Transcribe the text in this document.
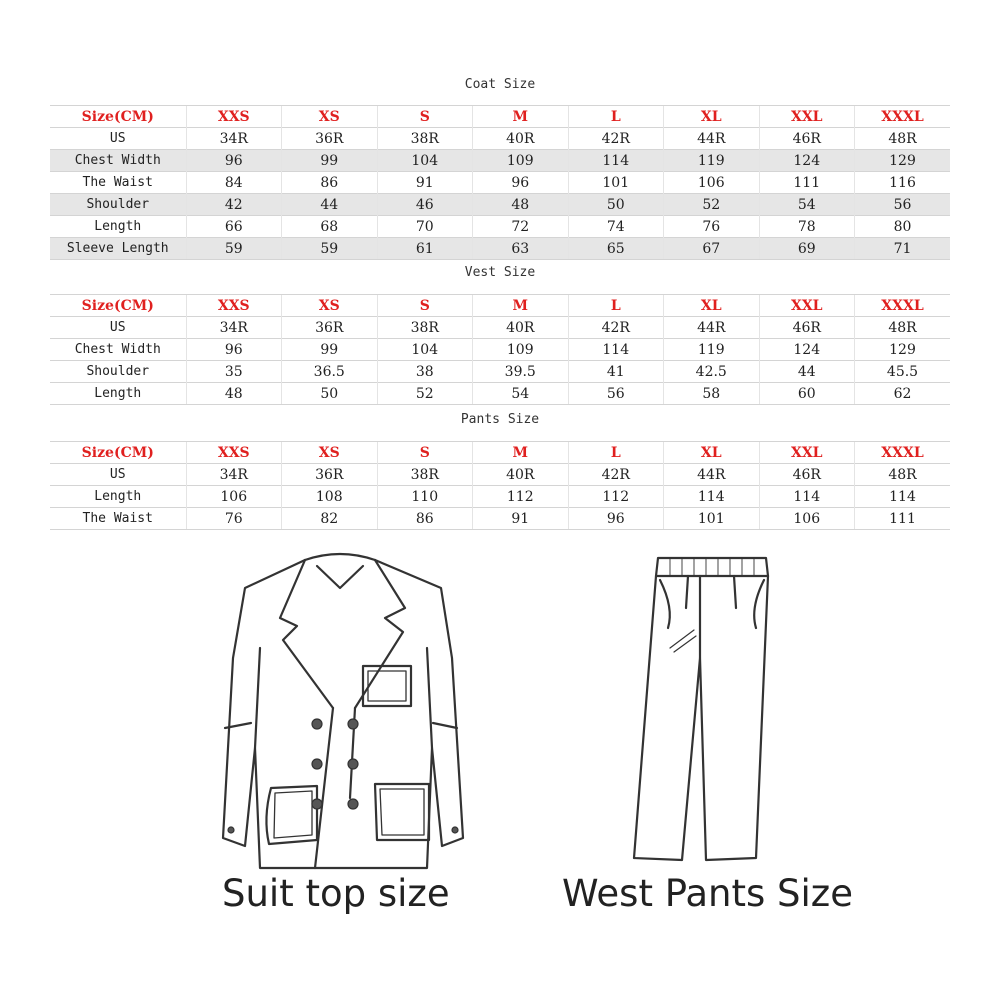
Coat Size
Size(CM)	XXS	XS	S	M	L	XL	XXL	XXXL
US	34R	36R	38R	40R	42R	44R	46R	48R
Chest Width	96	99	104	109	114	119	124	129
The Waist	84	86	91	96	101	106	111	116
Shoulder	42	44	46	48	50	52	54	56
Length	66	68	70	72	74	76	78	80
Sleeve Length	59	59	61	63	65	67	69	71
Vest Size
Size(CM)	XXS	XS	S	M	L	XL	XXL	XXXL
US	34R	36R	38R	40R	42R	44R	46R	48R
Chest Width	96	99	104	109	114	119	124	129
Shoulder	35	36.5	38	39.5	41	42.5	44	45.5
Length	48	50	52	54	56	58	60	62
Pants Size
Size(CM)	XXS	XS	S	M	L	XL	XXL	XXXL
US	34R	36R	38R	40R	42R	44R	46R	48R
Length	106	108	110	112	112	114	114	114
The Waist	76	82	86	91	96	101	106	111
Suit top size	West Pants Size
